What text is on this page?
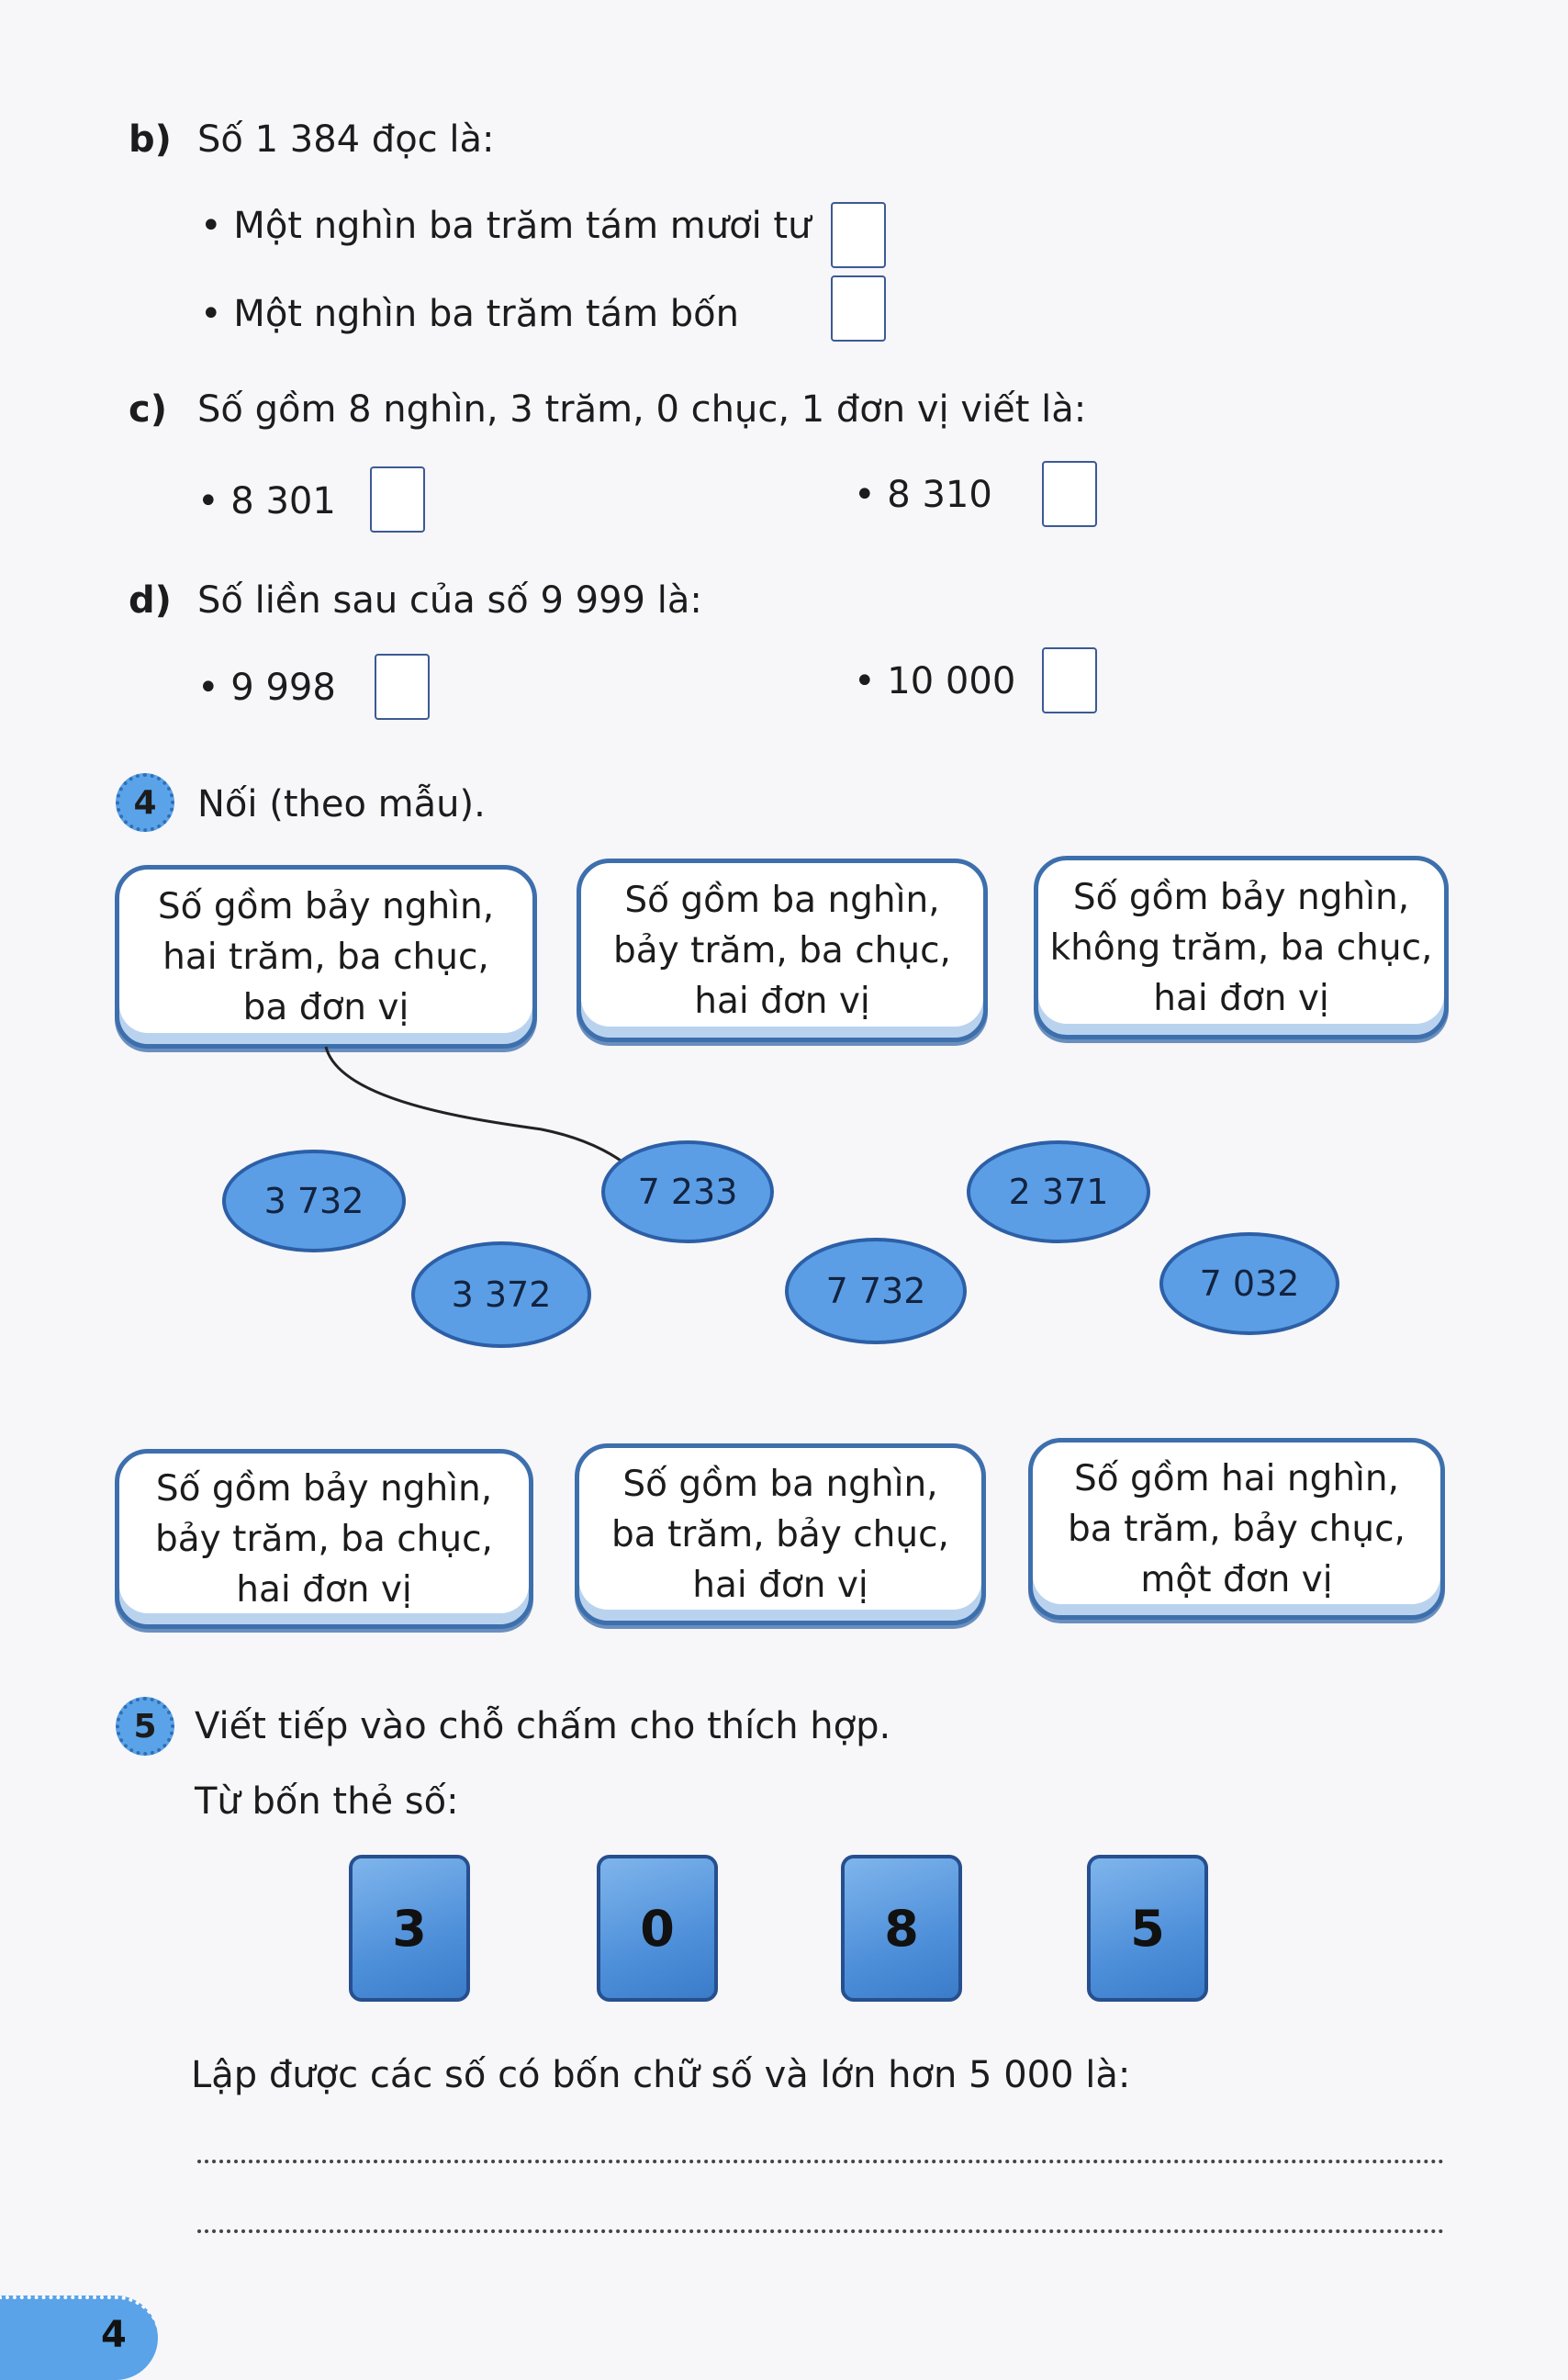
b) Số 1 384 đọc là:
• Một nghìn ba trăm tám mươi tư
• Một nghìn ba trăm tám bốn
c) Số gồm 8 nghìn, 3 trăm, 0 chục, 1 đơn vị viết là:
• 8 301	• 8 310
d) Số liền sau của số 9 999 là:
• 9 998	• 10 000
4	Nối (theo mẫu).
Số gồm bảy nghìn,
hai trăm, ba chục,
ba đơn vị
Số gồm ba nghìn,
bảy trăm, ba chục,
hai đơn vị
Số gồm bảy nghìn,
không trăm, ba chục,
hai đơn vị
3 732	7 233	2 371
3 372	7 732	7 032
Số gồm bảy nghìn,
bảy trăm, ba chục,
hai đơn vị
Số gồm ba nghìn,
ba trăm, bảy chục,
hai đơn vị
Số gồm hai nghìn,
ba trăm, bảy chục,
một đơn vị
5	Viết tiếp vào chỗ chấm cho thích hợp.
Từ bốn thẻ số:
3	0	8	5
Lập được các số có bốn chữ số và lớn hơn 5 000 là:
4
